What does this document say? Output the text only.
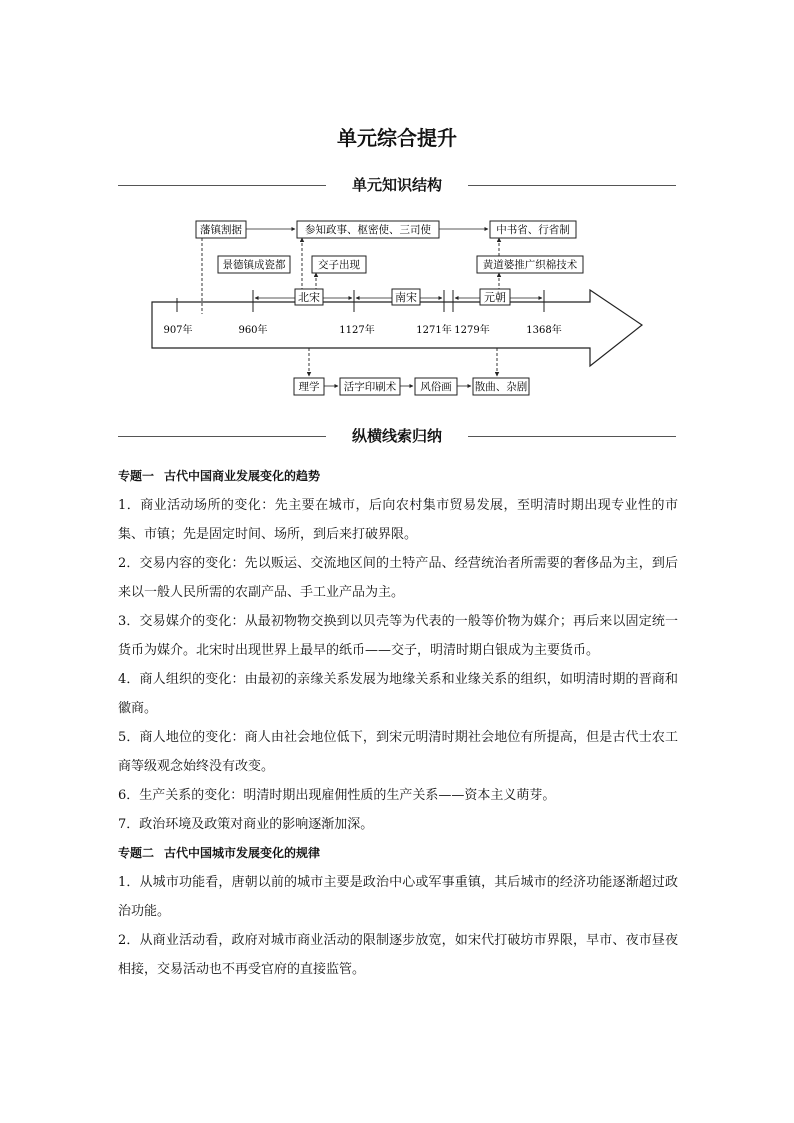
单元综合提升
单元知识结构
北宋	南宋	元朝
907年	960年	1127年	1271年 1279年	1368年
藩镇割据	参知政事、枢密使、三司使	中书省、行省制
景德镇成瓷都	交子出现	黄道婆推广织棉技术
理学 活字印刷术 风俗画 散曲、杂剧
纵横线索归纳
专题一 古代中国商业发展变化的趋势
1．商业活动场所的变化：先主要在城市，后向农村集市贸易发展，至明清时期出现专业性的市集、市镇；先是固定时间、场所，到后来打破界限。
2．交易内容的变化：先以贩运、交流地区间的土特产品、经营统治者所需要的奢侈品为主，到后来以一般人民所需的农副产品、手工业产品为主。
3．交易媒介的变化：从最初物物交换到以贝壳等为代表的一般等价物为媒介；再后来以固定统一货币为媒介。北宋时出现世界上最早的纸币——交子，明清时期白银成为主要货币。
4．商人组织的变化：由最初的亲缘关系发展为地缘关系和业缘关系的组织，如明清时期的晋商和徽商。
5．商人地位的变化：商人由社会地位低下，到宋元明清时期社会地位有所提高，但是古代士农工商等级观念始终没有改变。
6．生产关系的变化：明清时期出现雇佣性质的生产关系——资本主义萌芽。
7．政治环境及政策对商业的影响逐渐加深。
专题二 古代中国城市发展变化的规律
1．从城市功能看，唐朝以前的城市主要是政治中心或军事重镇，其后城市的经济功能逐渐超过政治功能。
2．从商业活动看，政府对城市商业活动的限制逐步放宽，如宋代打破坊市界限，早市、夜市昼夜相接，交易活动也不再受官府的直接监管。
